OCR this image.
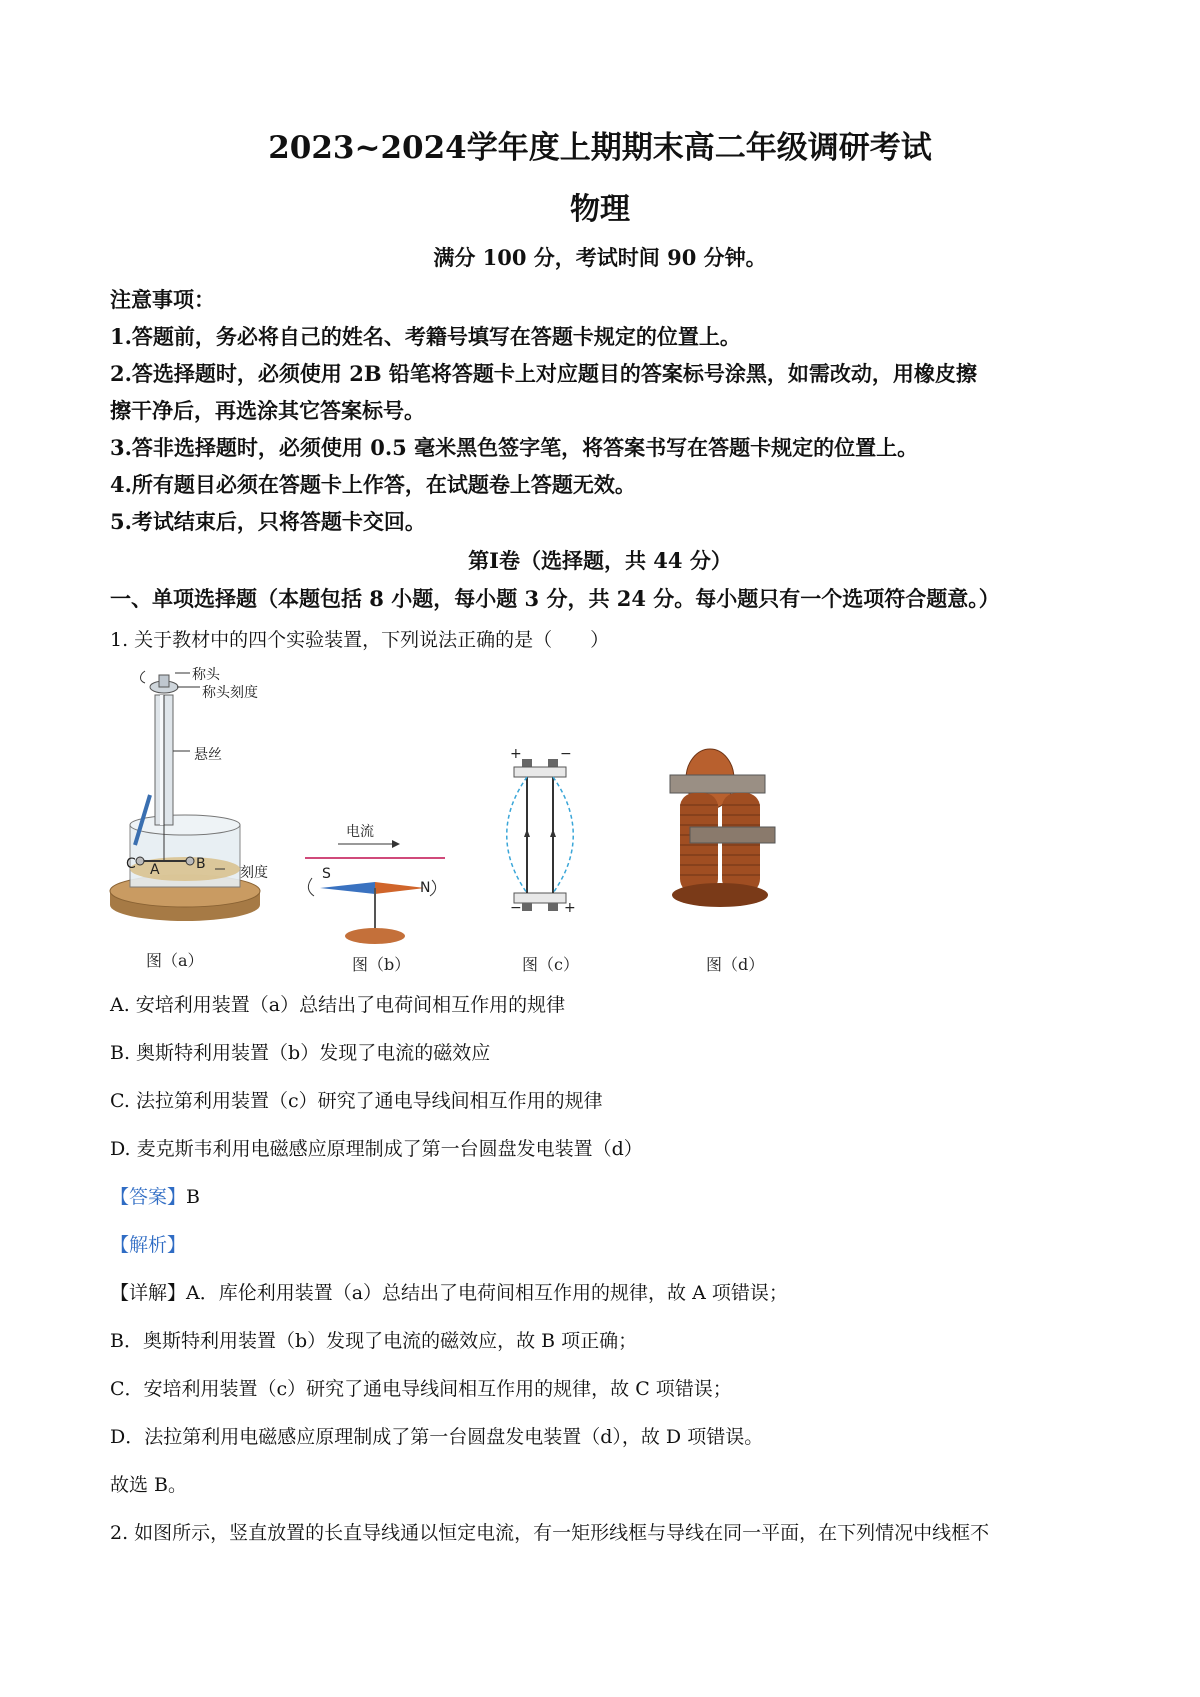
2023~2024学年度上期期末高二年级调研考试
物理
满分 100 分，考试时间 90 分钟。
注意事项：
1.答题前，务必将自己的姓名、考籍号填写在答题卡规定的位置上。
2.答选择题时，必须使用 2B 铅笔将答题卡上对应题目的答案标号涂黑，如需改动，用橡皮擦
擦干净后，再选涂其它答案标号。
3.答非选择题时，必须使用 0.5 毫米黑色签字笔，将答案书写在答题卡规定的位置上。
4.所有题目必须在答题卡上作答，在试题卷上答题无效。
5.考试结束后，只将答题卡交回。
第Ⅰ卷（选择题，共 44 分）
一、单项选择题（本题包括 8 小题，每小题 3 分，共 24 分。每小题只有一个选项符合题意。）
1. 关于教材中的四个实验装置，下列说法正确的是（　　）
称头
称头刻度
悬丝
刻度
C A	B
电流
S
N
+	−
−	+
图（a）	图（b）	图（c）	图（d）
A. 安培利用装置（a）总结出了电荷间相互作用的规律
B. 奥斯特利用装置（b）发现了电流的磁效应
C. 法拉第利用装置（c）研究了通电导线间相互作用的规律
D. 麦克斯韦利用电磁感应原理制成了第一台圆盘发电装置（d）
【答案】B
【解析】
【详解】A．库伦利用装置（a）总结出了电荷间相互作用的规律，故 A 项错误；
B．奥斯特利用装置（b）发现了电流的磁效应，故 B 项正确；
C．安培利用装置（c）研究了通电导线间相互作用的规律，故 C 项错误；
D．法拉第利用电磁感应原理制成了第一台圆盘发电装置（d），故 D 项错误。
故选 B。
2. 如图所示，竖直放置的长直导线通以恒定电流，有一矩形线框与导线在同一平面，在下列情况中线框不
